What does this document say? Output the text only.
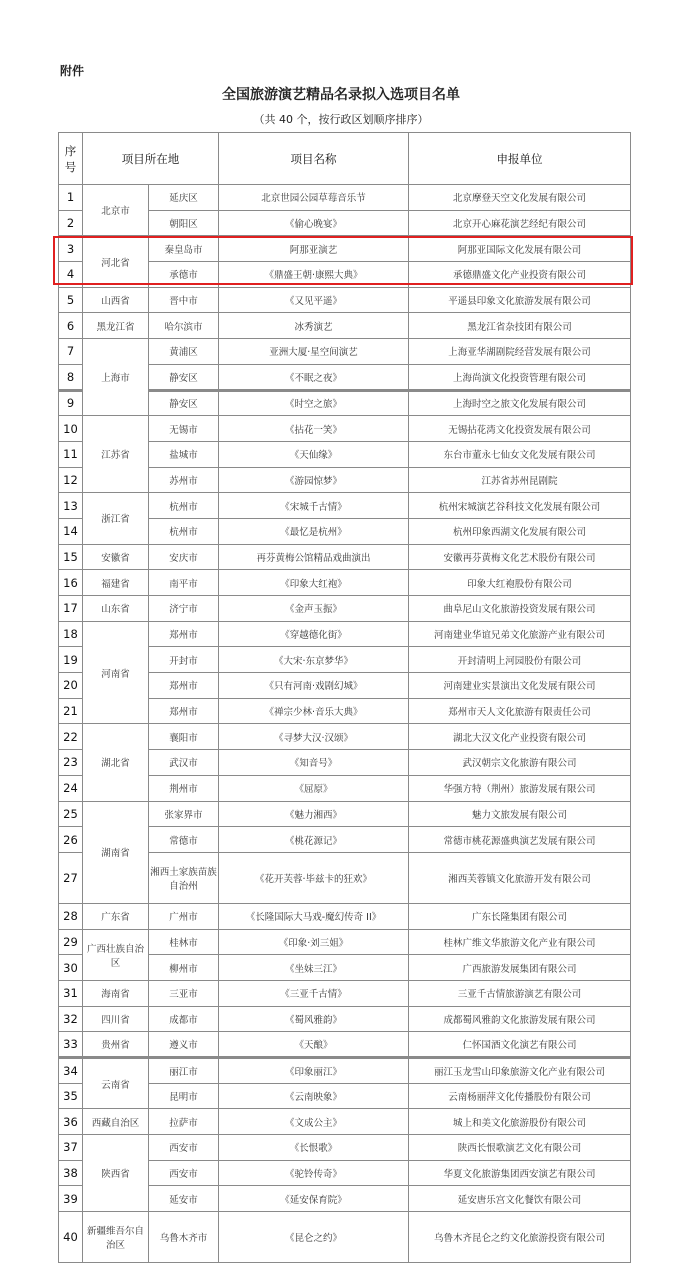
附件
全国旅游演艺精品名录拟入选项目名单
（共 40 个，按行政区划顺序排序）
序号	项目所在地		项目名称	申报单位
1	北京市	延庆区	北京世园公园草莓音乐节	北京摩登天空文化发展有限公司
2		朝阳区	《偷心晚宴》	北京开心麻花演艺经纪有限公司
3	河北省	秦皇岛市	阿那亚演艺	阿那亚国际文化发展有限公司
4		承德市	《鼎盛王朝·康熙大典》	承德鼎盛文化产业投资有限公司
5	山西省	晋中市	《又见平遥》	平遥县印象文化旅游发展有限公司
6	黑龙江省	哈尔滨市	冰秀演艺	黑龙江省杂技团有限公司
7	上海市	黄浦区	亚洲大厦·星空间演艺	上海亚华湖剧院经营发展有限公司
8		静安区	《不眠之夜》	上海尚演文化投资管理有限公司
9		静安区	《时空之旅》	上海时空之旅文化发展有限公司
10	江苏省	无锡市	《拈花一笑》	无锡拈花湾文化投资发展有限公司
11		盐城市	《天仙缘》	东台市董永七仙女文化发展有限公司
12		苏州市	《游园惊梦》	江苏省苏州昆剧院
13	浙江省	杭州市	《宋城千古情》	杭州宋城演艺谷科技文化发展有限公司
14		杭州市	《最忆是杭州》	杭州印象西湖文化发展有限公司
15	安徽省	安庆市	再芬黄梅公馆精品戏曲演出	安徽再芬黄梅文化艺术股份有限公司
16	福建省	南平市	《印象大红袍》	印象大红袍股份有限公司
17	山东省	济宁市	《金声玉振》	曲阜尼山文化旅游投资发展有限公司
18	河南省	郑州市	《穿越德化街》	河南建业华谊兄弟文化旅游产业有限公司
19		开封市	《大宋·东京梦华》	开封清明上河园股份有限公司
20		郑州市	《只有河南·戏剧幻城》	河南建业实景演出文化发展有限公司
21		郑州市	《禅宗少林·音乐大典》	郑州市天人文化旅游有限责任公司
22	湖北省	襄阳市	《寻梦大汉·汉颂》	湖北大汉文化产业投资有限公司
23		武汉市	《知音号》	武汉朝宗文化旅游有限公司
24		荆州市	《屈原》	华强方特（荆州）旅游发展有限公司
25	湖南省	张家界市	《魅力湘西》	魅力文旅发展有限公司
26		常德市	《桃花源记》	常德市桃花源盛典演艺发展有限公司
27		湘西土家族苗族自治州	《花开芙蓉·毕兹卡的狂欢》	湘西芙蓉镇文化旅游开发有限公司
28	广东省	广州市	《长隆国际大马戏-魔幻传奇 II》	广东长隆集团有限公司
29	广西壮族自治区	桂林市	《印象·刘三姐》	桂林广维文华旅游文化产业有限公司
30		柳州市	《坐妹三江》	广西旅游发展集团有限公司
31	海南省	三亚市	《三亚千古情》	三亚千古情旅游演艺有限公司
32	四川省	成都市	《蜀风雅韵》	成都蜀风雅韵文化旅游发展有限公司
33	贵州省	遵义市	《天酿》	仁怀国酒文化演艺有限公司
34	云南省	丽江市	《印象丽江》	丽江玉龙雪山印象旅游文化产业有限公司
35		昆明市	《云南映象》	云南杨丽萍文化传播股份有限公司
36	西藏自治区	拉萨市	《文成公主》	城上和美文化旅游股份有限公司
37	陕西省	西安市	《长恨歌》	陕西长恨歌演艺文化有限公司
38		西安市	《驼铃传奇》	华夏文化旅游集团西安演艺有限公司
39		延安市	《延安保育院》	延安唐乐宫文化餐饮有限公司
40	新疆维吾尔自治区	乌鲁木齐市	《昆仑之约》	乌鲁木齐昆仑之约文化旅游投资有限公司
